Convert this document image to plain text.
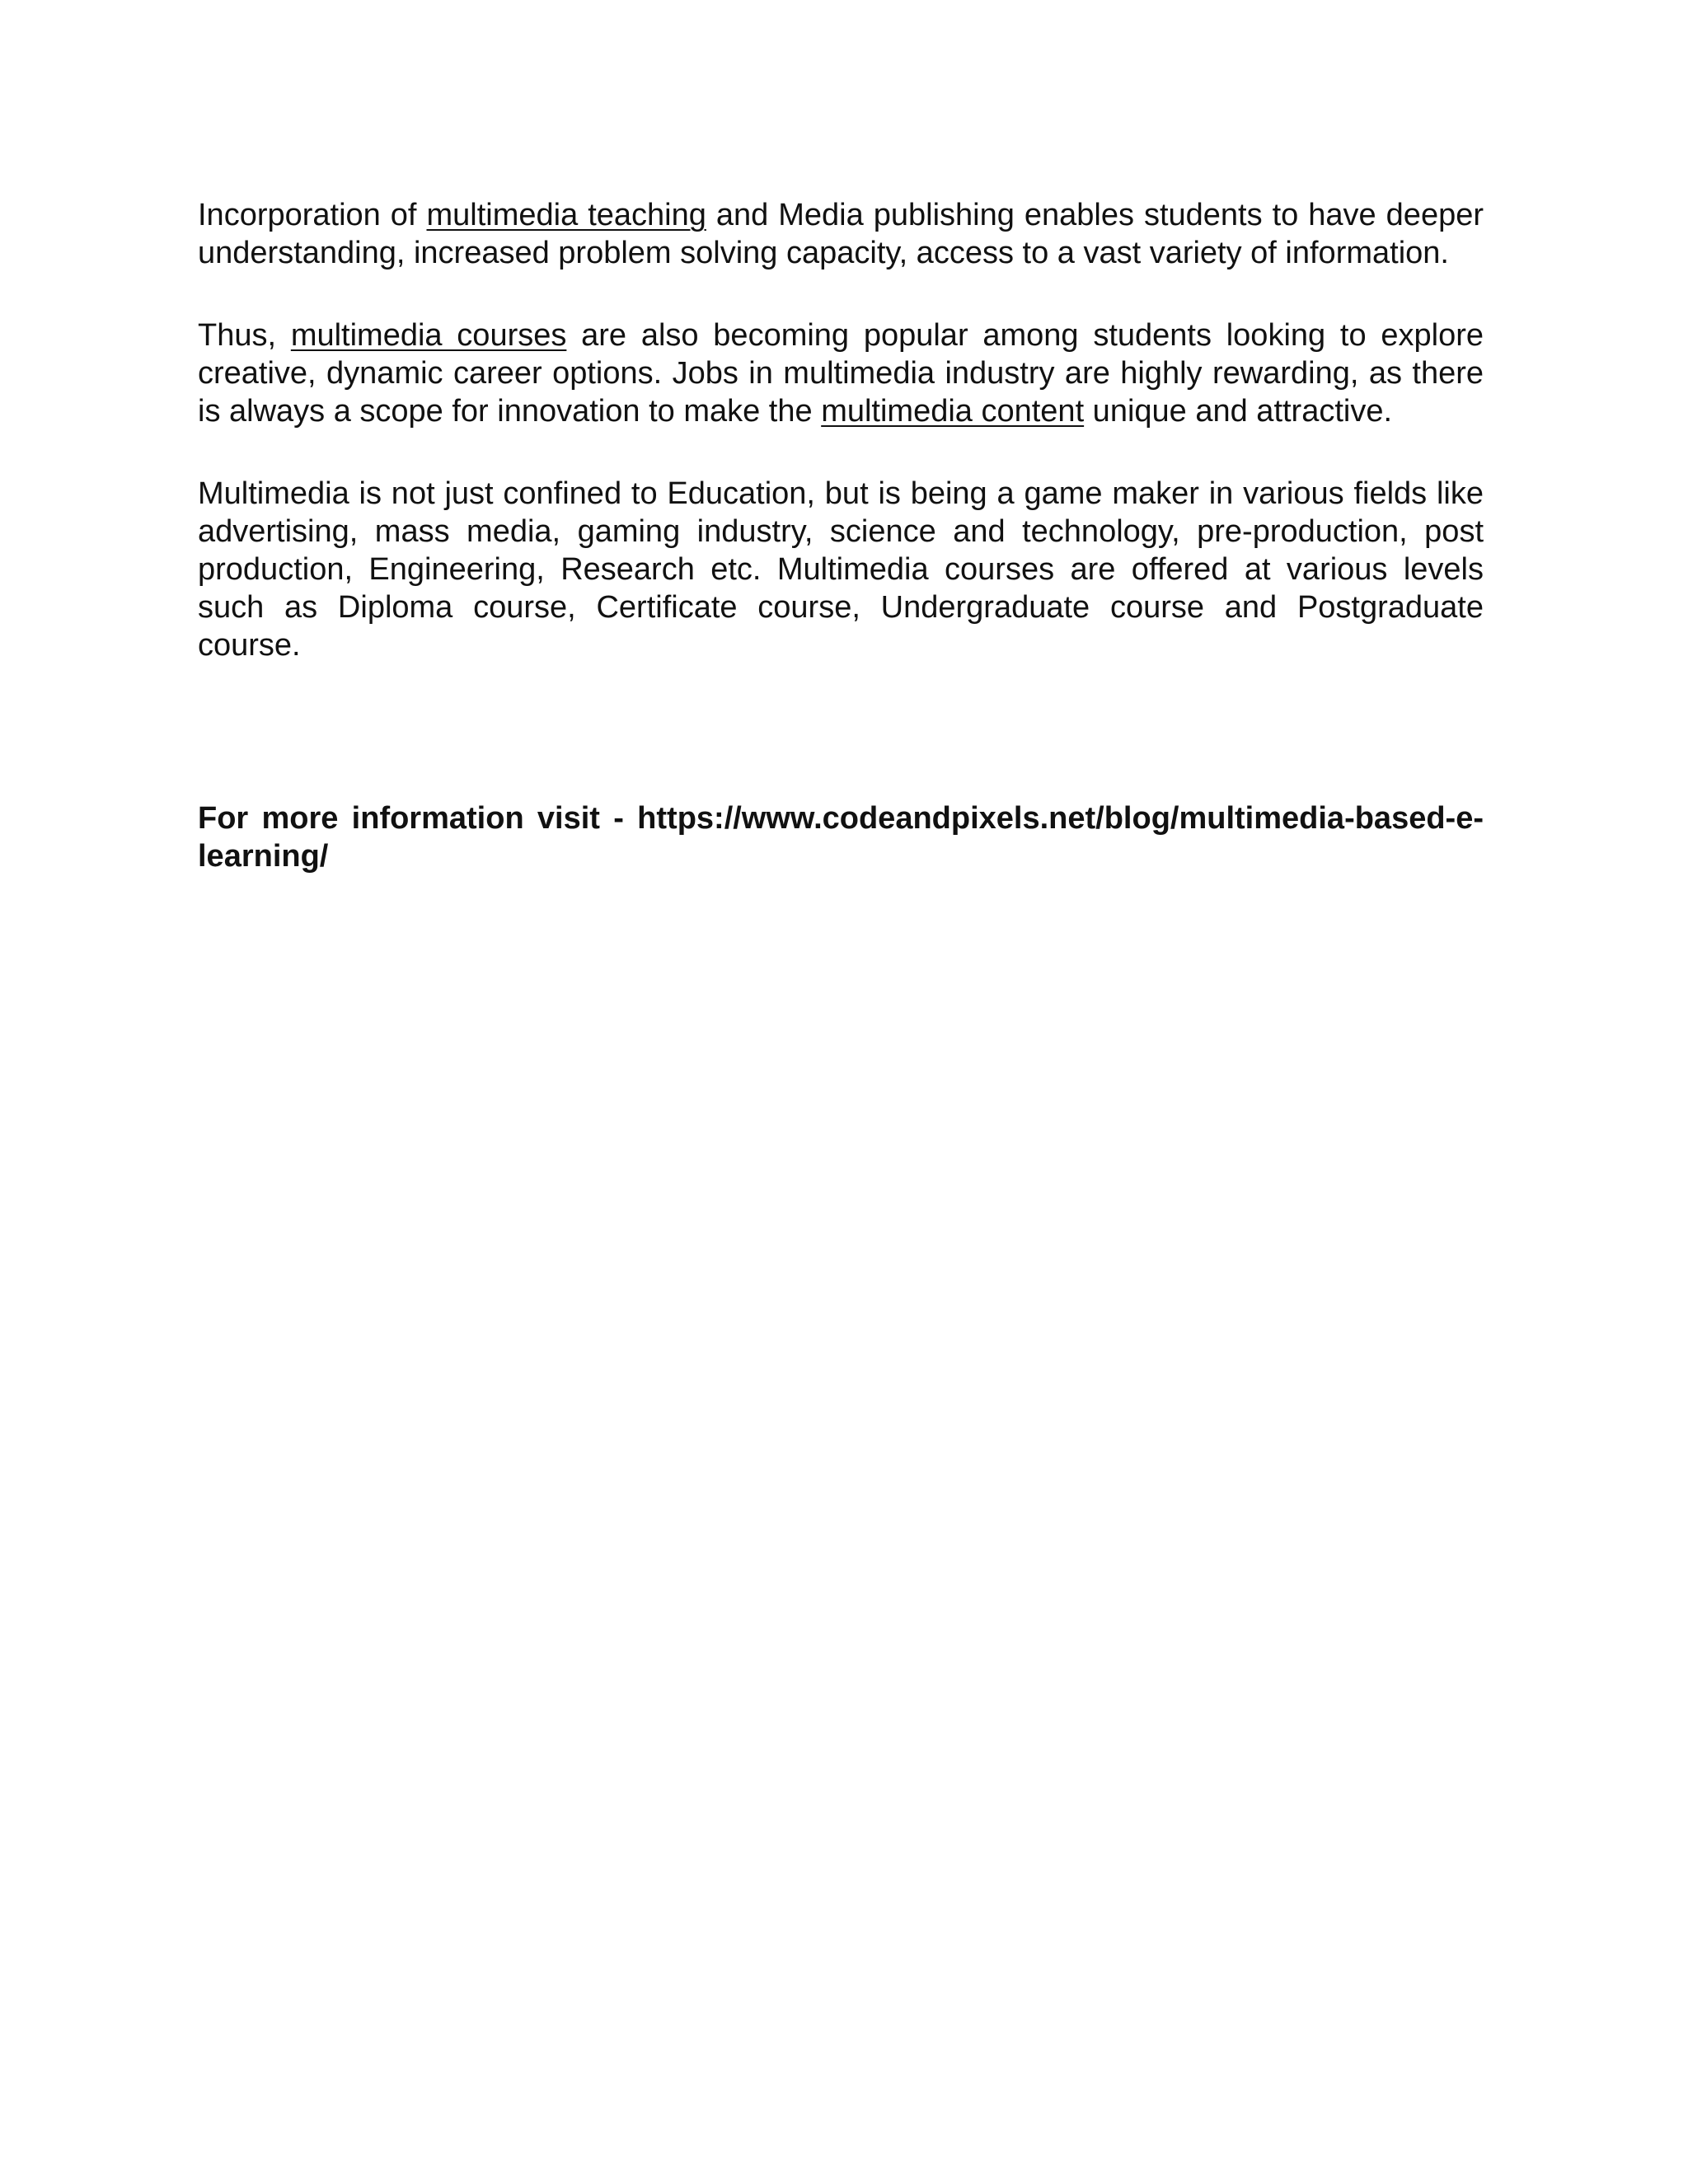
Incorporation of multimedia teaching and Media publishing enables students to have deeper understanding, increased problem solving capacity, access to a vast variety of information.

Thus, multimedia courses are also becoming popular among students looking to explore creative, dynamic career options. Jobs in multimedia industry are highly rewarding, as there is always a scope for innovation to make the multimedia content unique and attractive.

Multimedia is not just confined to Education, but is being a game maker in various fields like advertising, mass media, gaming industry, science and technology, pre-production, post production, Engineering, Research etc. Multimedia courses are offered at various levels such as Diploma course, Certificate course, Undergraduate course and Postgraduate course.

For more information visit - https://www.codeandpixels.net/blog/multimedia-based-e-learning/
